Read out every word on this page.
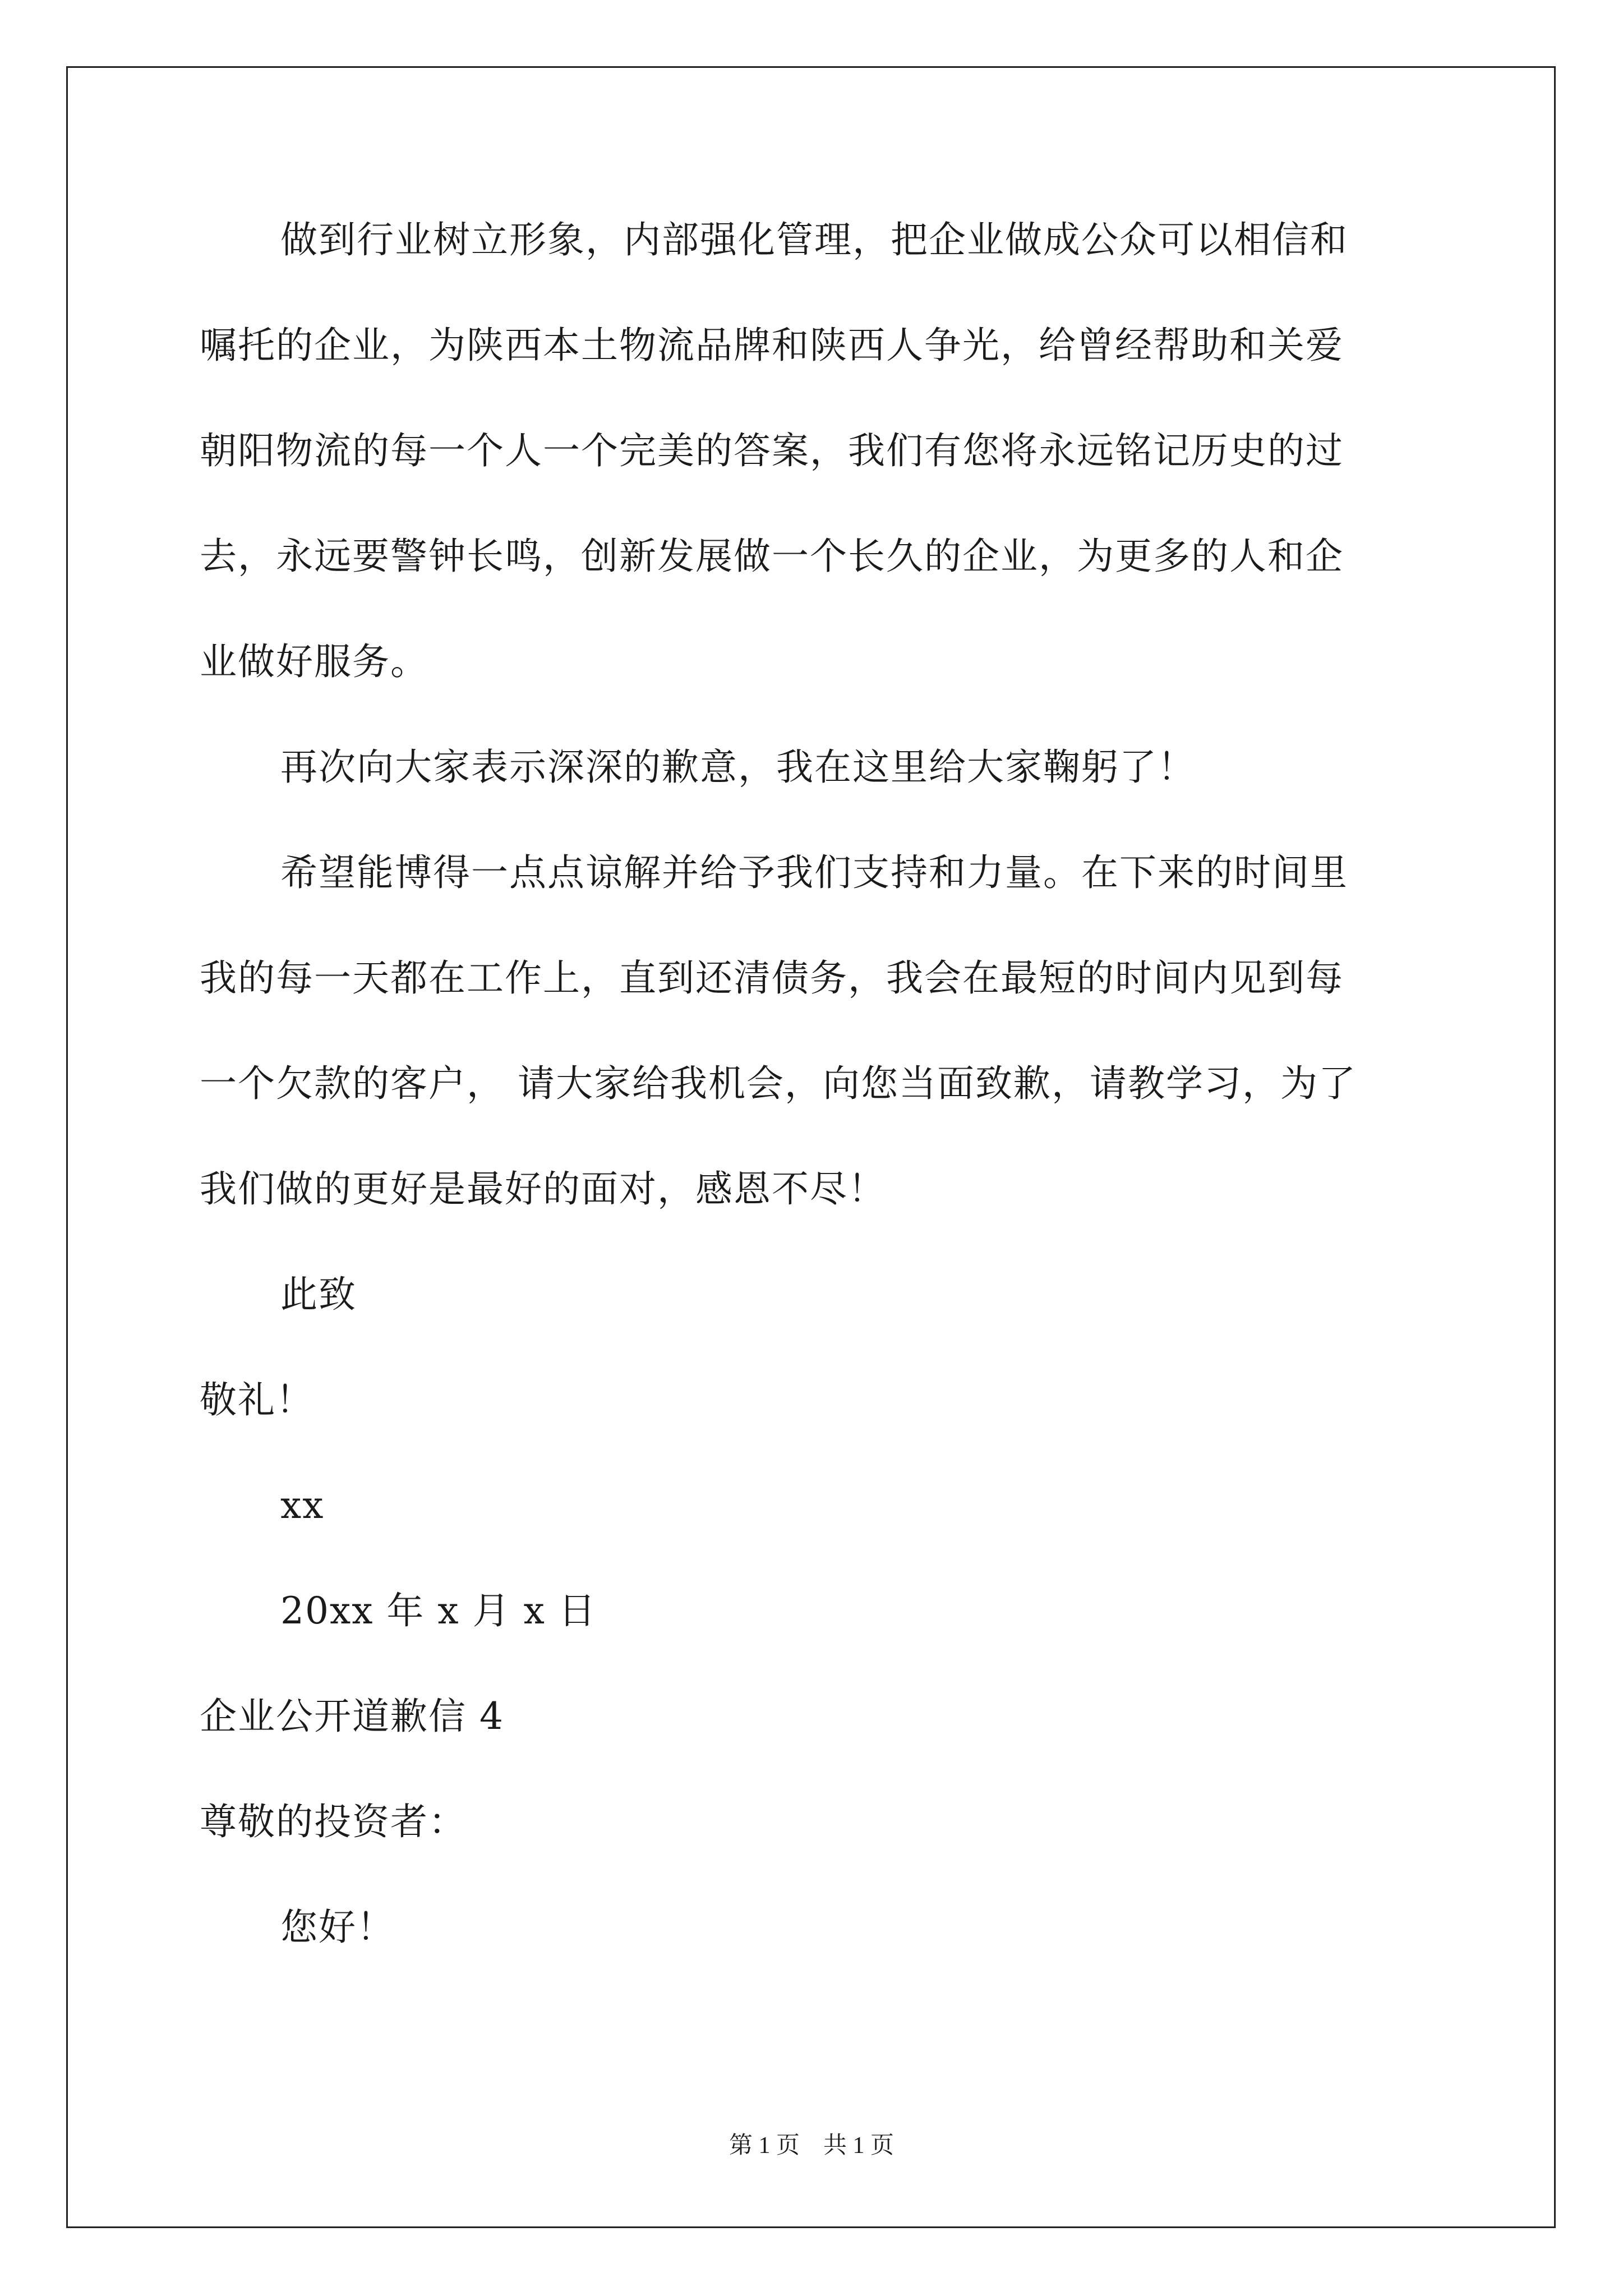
做到行业树立形象，内部强化管理，把企业做成公众可以相信和
嘱托的企业，为陕西本土物流品牌和陕西人争光，给曾经帮助和关爱
朝阳物流的每一个人一个完美的答案，我们有您将永远铭记历史的过
去，永远要警钟长鸣，创新发展做一个长久的企业，为更多的人和企
业做好服务。
再次向大家表示深深的歉意，我在这里给大家鞠躬了！
希望能博得一点点谅解并给予我们支持和力量。在下来的时间里
我的每一天都在工作上，直到还清债务，我会在最短的时间内见到每
一个欠款的客户， 请大家给我机会，向您当面致歉，请教学习，为了
我们做的更好是最好的面对，感恩不尽！
此致
敬礼！
xx
20xx 年 x 月 x 日
企业公开道歉信 4
尊敬的投资者：
您好！
第 1 页    共 1 页
